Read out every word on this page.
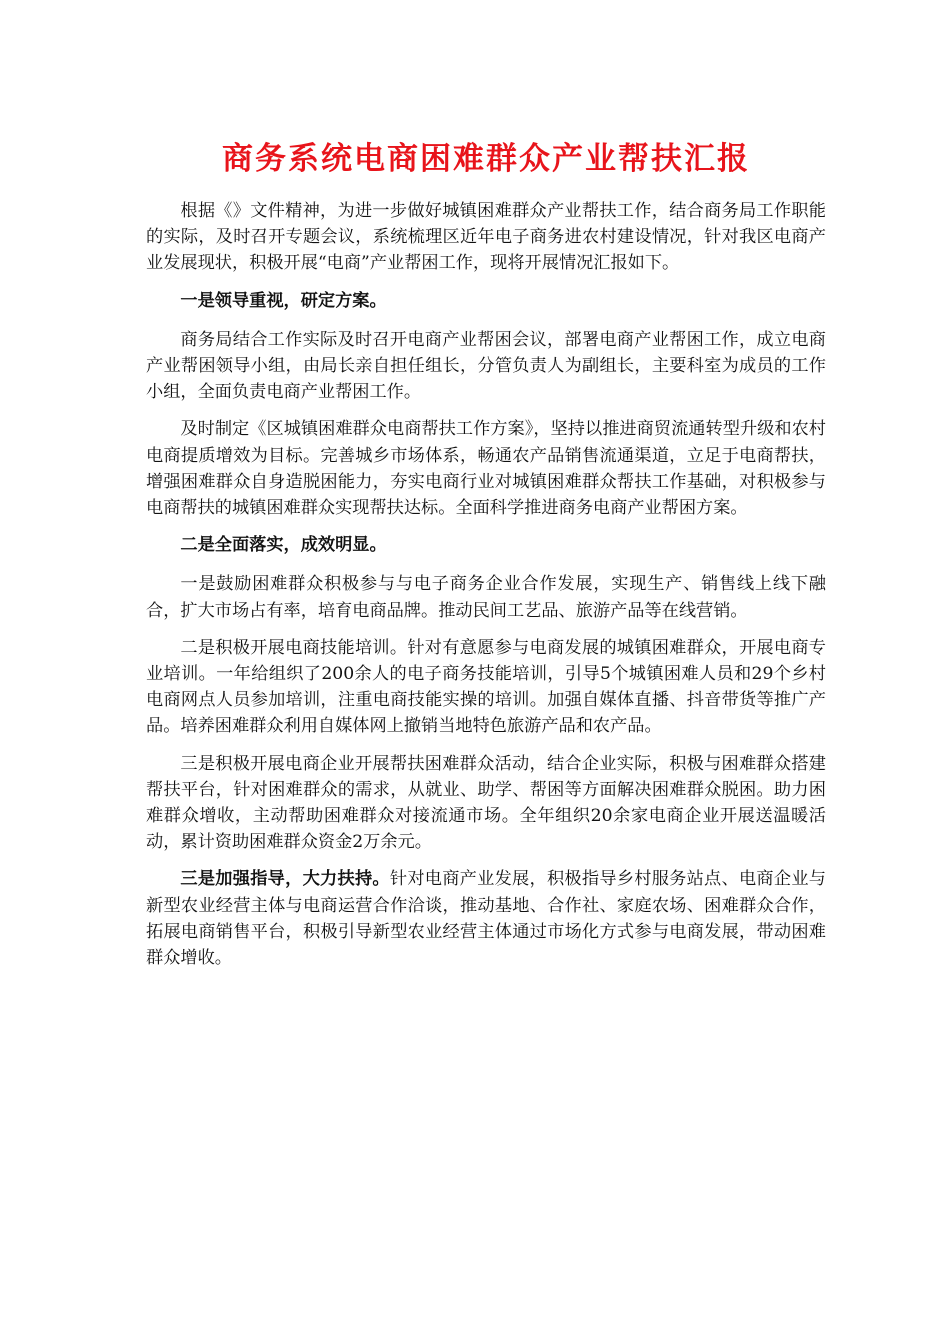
商务系统电商困难群众产业帮扶汇报

根据《》文件精神，为进一步做好城镇困难群众产业帮扶工作，结合商务局工作职能的实际，及时召开专题会议，系统梳理区近年电子商务进农村建设情况，针对我区电商产业发展现状，积极开展“电商”产业帮困工作，现将开展情况汇报如下。

一是领导重视，研定方案。

商务局结合工作实际及时召开电商产业帮困会议，部署电商产业帮困工作，成立电商产业帮困领导小组，由局长亲自担任组长，分管负责人为副组长，主要科室为成员的工作小组，全面负责电商产业帮困工作。

及时制定《区城镇困难群众电商帮扶工作方案》，坚持以推进商贸流通转型升级和农村电商提质增效为目标。完善城乡市场体系，畅通农产品销售流通渠道，立足于电商帮扶，增强困难群众自身造脱困能力，夯实电商行业对城镇困难群众帮扶工作基础，对积极参与电商帮扶的城镇困难群众实现帮扶达标。全面科学推进商务电商产业帮困方案。

二是全面落实，成效明显。

一是鼓励困难群众积极参与与电子商务企业合作发展，实现生产、销售线上线下融合，扩大市场占有率，培育电商品牌。推动民间工艺品、旅游产品等在线营销。

二是积极开展电商技能培训。针对有意愿参与电商发展的城镇困难群众，开展电商专业培训。一年给组织了200余人的电子商务技能培训，引导5个城镇困难人员和29个乡村电商网点人员参加培训，注重电商技能实操的培训。加强自媒体直播、抖音带货等推广产品。培养困难群众利用自媒体网上撤销当地特色旅游产品和农产品。

三是积极开展电商企业开展帮扶困难群众活动，结合企业实际，积极与困难群众搭建帮扶平台，针对困难群众的需求，从就业、助学、帮困等方面解决困难群众脱困。助力困难群众增收，主动帮助困难群众对接流通市场。全年组织20余家电商企业开展送温暖活动，累计资助困难群众资金2万余元。

三是加强指导，大力扶持。针对电商产业发展，积极指导乡村服务站点、电商企业与新型农业经营主体与电商运营合作洽谈，推动基地、合作社、家庭农场、困难群众合作，拓展电商销售平台，积极引导新型农业经营主体通过市场化方式参与电商发展，带动困难群众增收。
